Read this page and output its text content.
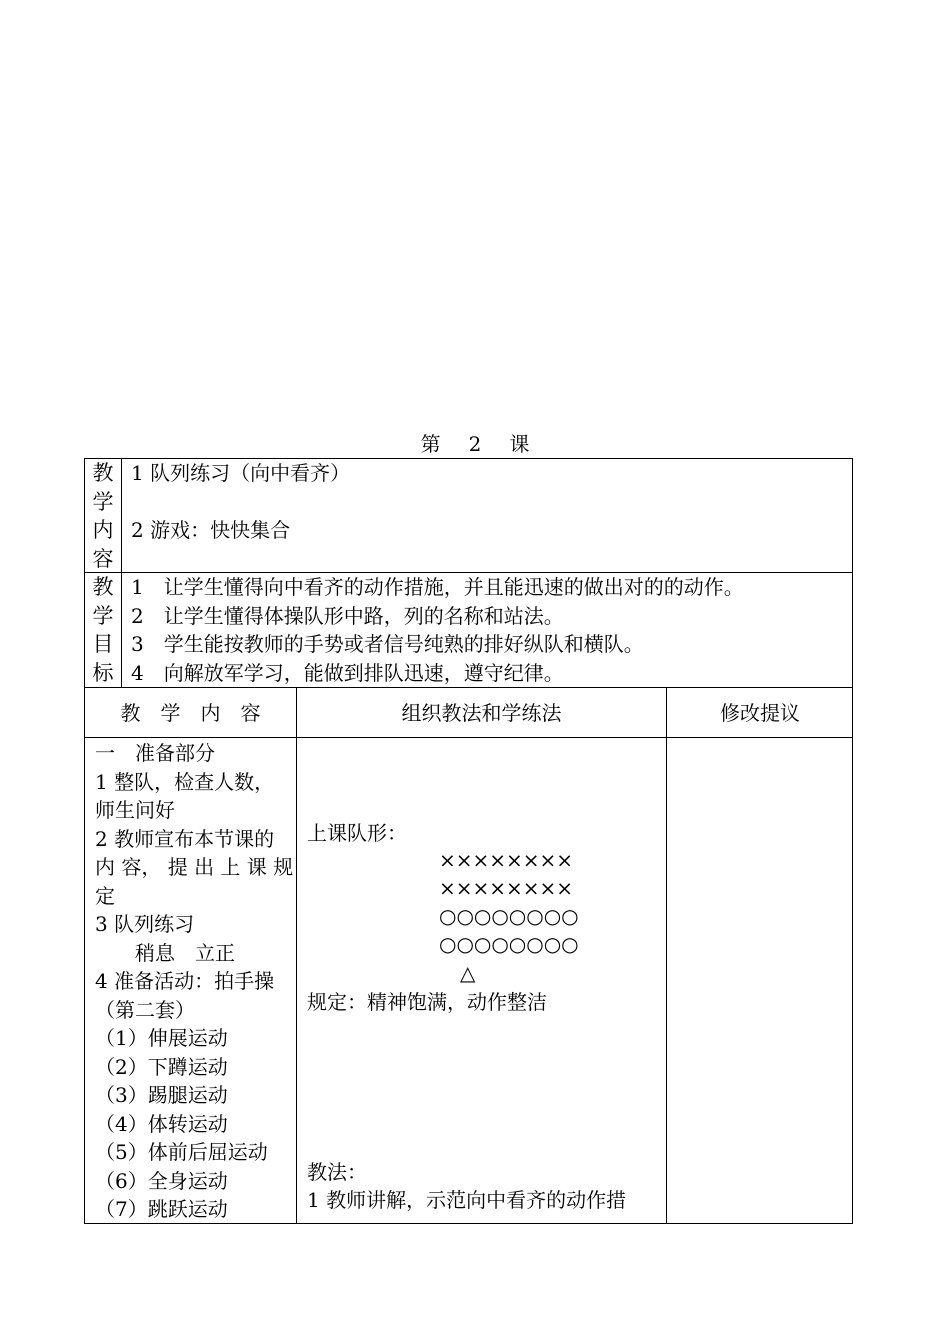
第 2 课
教
学
内
容
1 队列练习（向中看齐）
2 游戏：快快集合
教
学
目
标
1　让学生懂得向中看齐的动作措施，并且能迅速的做出对的的动作。
2　让学生懂得体操队形中路，列的名称和站法。
3　学生能按教师的手势或者信号纯熟的排好纵队和横队。
4　向解放军学习，能做到排队迅速，遵守纪律。
教　学　内　容	组织教法和学练法	修改提议
一　准备部分
1 整队，检查人数，
师生问好
2 教师宣布本节课的
内 容， 提 出 上 课 规
定
3 队列练习
　　稍息　立正
4 准备活动：拍手操
（第二套）
（1）伸展运动
（2）下蹲运动
（3）踢腿运动
（4）体转运动
（5）体前后屈运动
（6）全身运动
（7）跳跃运动
上课队形：
××××××××
××××××××
○○○○○○○○
○○○○○○○○
△
规定：精神饱满，动作整洁
教法：
1 教师讲解，示范向中看齐的动作措
